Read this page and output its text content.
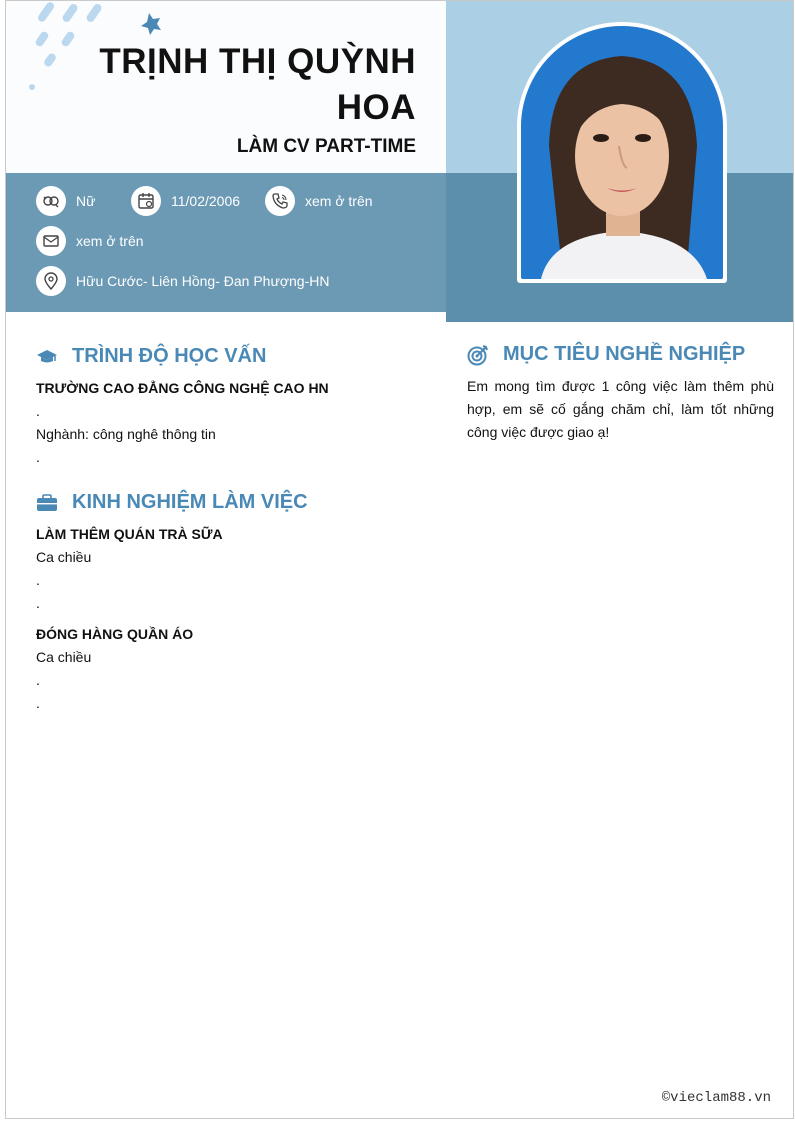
TRỊNH THỊ QUỲNH HOA
LÀM CV PART-TIME
Nữ	11/02/2006	xem ở trên
xem ở trên
Hữu Cước- Liên Hồng- Đan Phượng-HN
TRÌNH ĐỘ HỌC VẤN
TRƯỜNG CAO ĐẲNG CÔNG NGHỆ CAO HN
.
Nghành: công nghê thông tin
.
KINH NGHIỆM LÀM VIỆC
LÀM THÊM QUÁN TRÀ SỮA
Ca chiều
.
.
ĐÓNG HÀNG QUẦN ÁO
Ca chiều
.
.
MỤC TIÊU NGHỀ NGHIỆP
Em mong tìm được 1 công việc làm thêm phù hợp, em sẽ cố gắng chăm chỉ, làm tốt những công việc được giao ạ!
©vieclam88.vn
